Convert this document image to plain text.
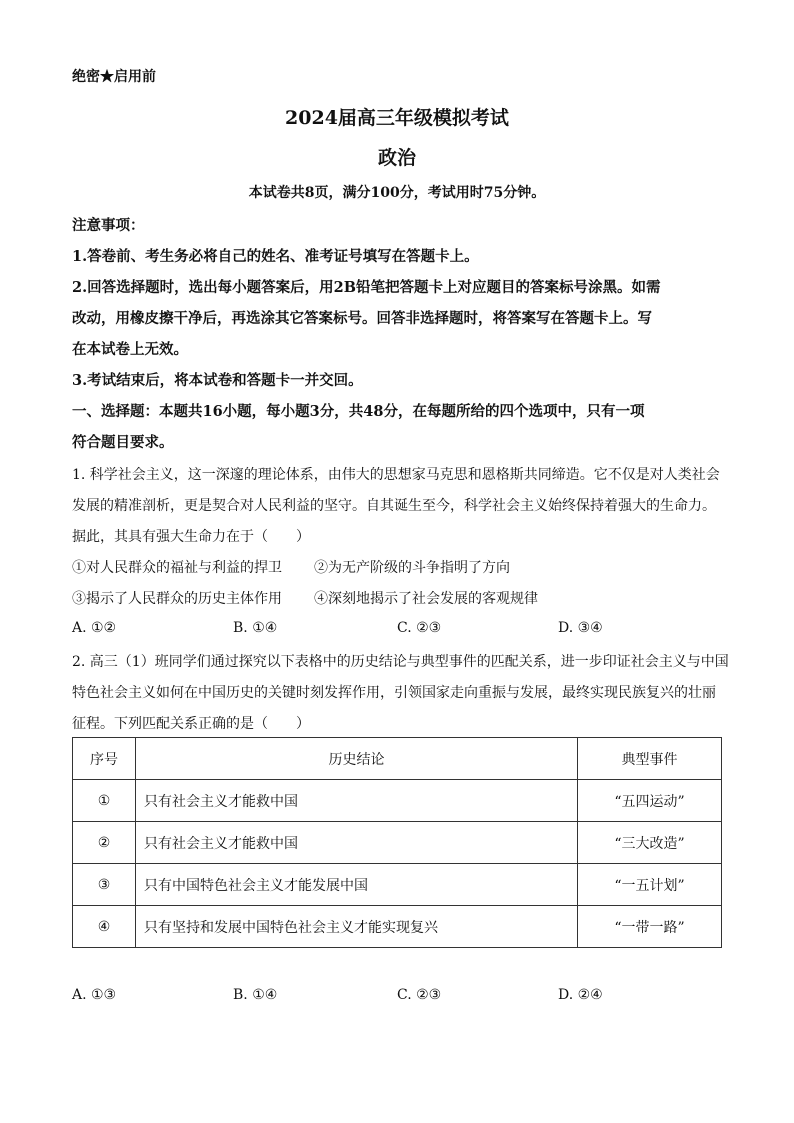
绝密★启用前
2024届高三年级模拟考试
政治
本试卷共8页，满分100分，考试用时75分钟。
注意事项：
1.答卷前、考生务必将自己的姓名、准考证号填写在答题卡上。
2.回答选择题时，选出每小题答案后，用2B铅笔把答题卡上对应题目的答案标号涂黑。如需
改动，用橡皮擦干净后，再选涂其它答案标号。回答非选择题时，将答案写在答题卡上。写
在本试卷上无效。
3.考试结束后，将本试卷和答题卡一并交回。
一、选择题：本题共16小题，每小题3分，共48分，在每题所给的四个选项中，只有一项
符合题目要求。
1. 科学社会主义，这一深邃的理论体系，由伟大的思想家马克思和恩格斯共同缔造。它不仅是对人类社会
发展的精准剖析，更是契合对人民利益的坚守。自其诞生至今，科学社会主义始终保持着强大的生命力。
据此，其具有强大生命力在于（　　）
①对人民群众的福祉与利益的捍卫 ②为无产阶级的斗争指明了方向
③揭示了人民群众的历史主体作用 ④深刻地揭示了社会发展的客观规律
A. ①②	B. ①④	C. ②③	D. ③④
2. 高三（1）班同学们通过探究以下表格中的历史结论与典型事件的匹配关系，进一步印证社会主义与中国
特色社会主义如何在中国历史的关键时刻发挥作用，引领国家走向重振与发展，最终实现民族复兴的壮丽
征程。下列匹配关系正确的是（　　）
序号	历史结论	典型事件
①	只有社会主义才能救中国	“五四运动”
②	只有社会主义才能救中国	“三大改造”
③	只有中国特色社会主义才能发展中国	“一五计划”
④	只有坚持和发展中国特色社会主义才能实现复兴	“一带一路”
A. ①③	B. ①④	C. ②③	D. ②④
